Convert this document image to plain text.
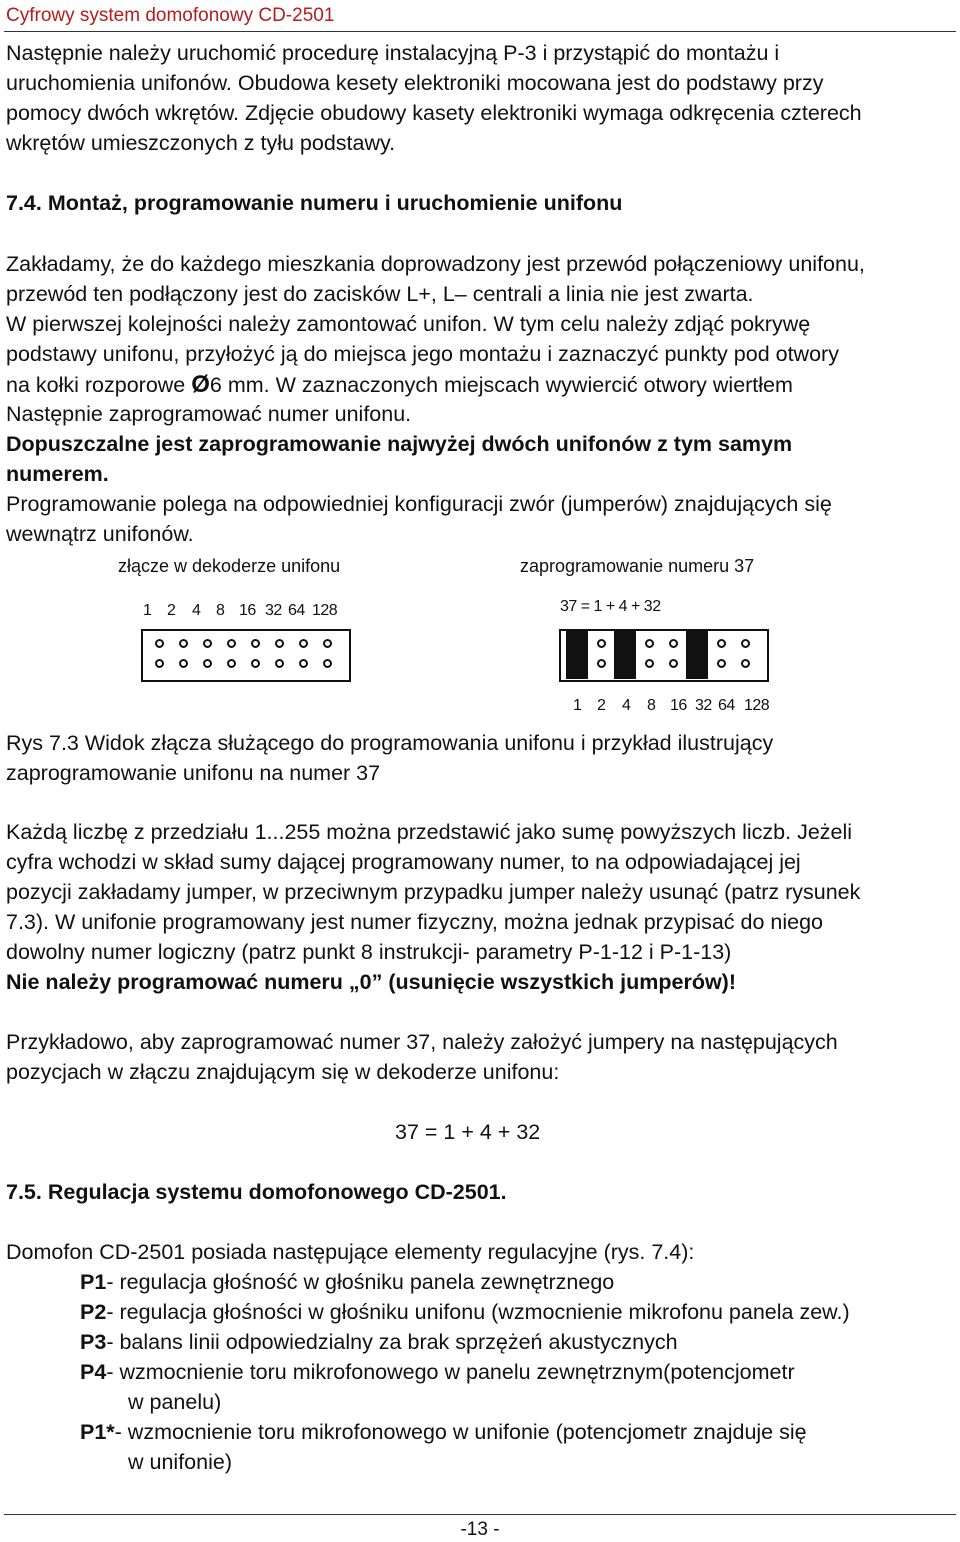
Cyfrowy system domofonowy CD-2501
Następnie należy uruchomić procedurę instalacyjną P-3 i przystąpić do montażu i
uruchomienia unifonów. Obudowa kesety elektroniki mocowana jest do podstawy przy
pomocy dwóch wkrętów. Zdjęcie obudowy kasety elektroniki wymaga odkręcenia czterech
wkrętów umieszczonych z tyłu podstawy.
7.4. Montaż, programowanie numeru i uruchomienie unifonu
Zakładamy, że do każdego mieszkania doprowadzony jest przewód połączeniowy unifonu,
przewód ten podłączony jest do zacisków L+, L– centrali a linia nie jest zwarta.
W pierwszej kolejności należy zamontować unifon. W tym celu należy zdjąć pokrywę
podstawy unifonu, przyłożyć ją do miejsca jego montażu i zaznaczyć punkty pod otwory
na kołki rozporowe Ø6 mm. W zaznaczonych miejscach wywiercić otwory wiertłem
Następnie zaprogramować numer unifonu.
Dopuszczalne jest zaprogramowanie najwyżej dwóch unifonów z tym samym
numerem.
Programowanie polega na odpowiedniej konfiguracji zwór (jumperów) znajdujących się
wewnątrz unifonów.
złącze w dekoderze unifonu	zaprogramowanie numeru 37
1 2 4 8 16 32 64 128	37 = 1 + 4 + 32
1 2 4 8 16 32 64 128
Rys 7.3 Widok złącza służącego do programowania unifonu i przykład ilustrujący
zaprogramowanie unifonu na numer 37
Każdą liczbę z przedziału 1...255 można przedstawić jako sumę powyższych liczb. Jeżeli
cyfra wchodzi w skład sumy dającej programowany numer, to na odpowiadającej jej
pozycji zakładamy jumper, w przeciwnym przypadku jumper należy usunąć (patrz rysunek
7.3). W unifonie programowany jest numer fizyczny, można jednak przypisać do niego
dowolny numer logiczny (patrz punkt 8 instrukcji- parametry P-1-12 i P-1-13)
Nie należy programować numeru „0” (usunięcie wszystkich jumperów)!
Przykładowo, aby zaprogramować numer 37, należy założyć jumpery na następujących
pozycjach w złączu znajdującym się w dekoderze unifonu:
37 = 1 + 4 + 32
7.5. Regulacja systemu domofonowego CD-2501.
Domofon CD-2501 posiada następujące elementy regulacyjne (rys. 7.4):
P1- regulacja głośność w głośniku panela zewnętrznego
P2- regulacja głośności w głośniku unifonu (wzmocnienie mikrofonu panela zew.)
P3- balans linii odpowiedzialny za brak sprzężeń akustycznych
P4- wzmocnienie toru mikrofonowego w panelu zewnętrznym(potencjometr
w panelu)
P1*- wzmocnienie toru mikrofonowego w unifonie (potencjometr znajduje się
w unifonie)
-13 -
